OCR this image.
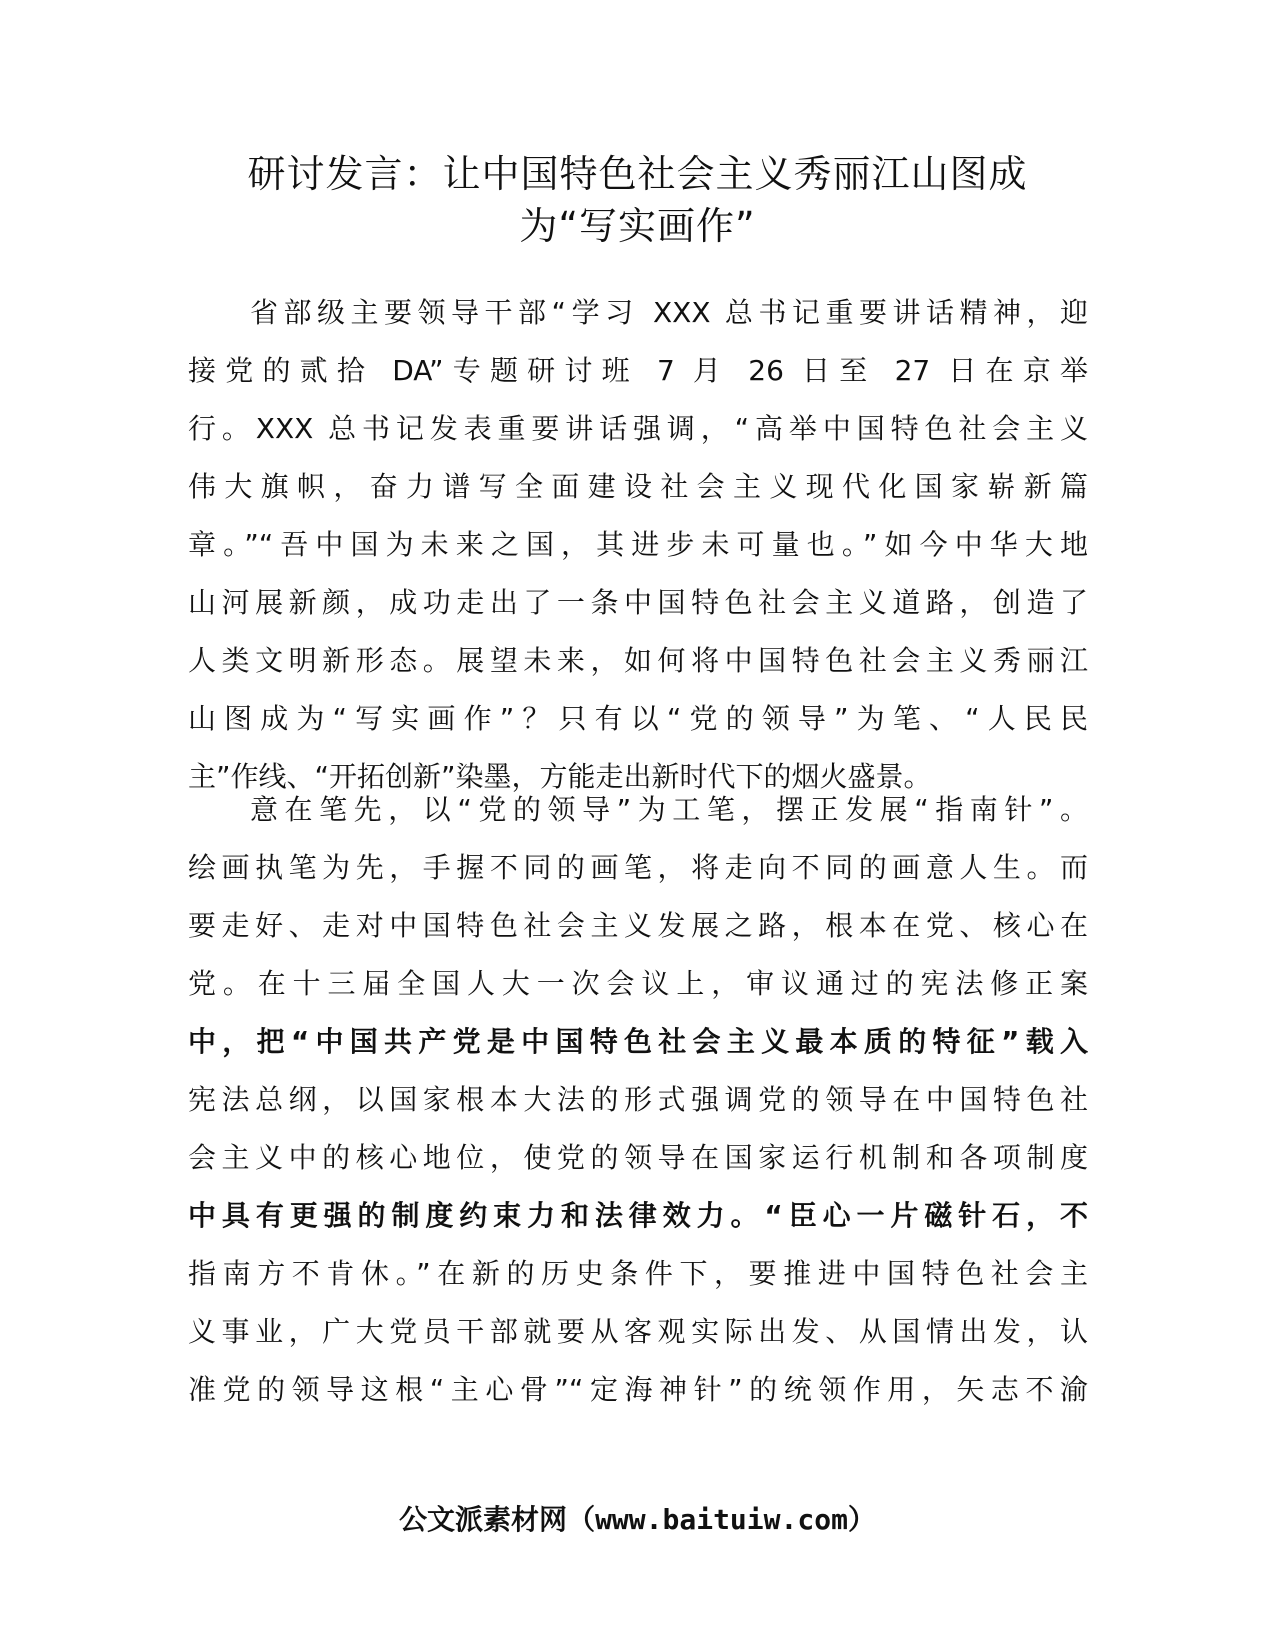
研讨发言：让中国特色社会主义秀丽江山图成
为“写实画作”
省部级主要领导干部“学习 XXX 总书记重要讲话精神，迎
接党的贰拾 DA”专题研讨班 7 月 26 日至 27 日在京举
行。XXX 总书记发表重要讲话强调，“高举中国特色社会主义
伟大旗帜，奋力谱写全面建设社会主义现代化国家崭新篇
章。”“吾中国为未来之国，其进步未可量也。”如今中华大地
山河展新颜，成功走出了一条中国特色社会主义道路，创造了
人类文明新形态。展望未来，如何将中国特色社会主义秀丽江
山图成为“写实画作”？只有以“党的领导”为笔、“人民民
主”作线、“开拓创新”染墨，方能走出新时代下的烟火盛景。
意在笔先，以“党的领导”为工笔，摆正发展“指南针”。
绘画执笔为先，手握不同的画笔，将走向不同的画意人生。而
要走好、走对中国特色社会主义发展之路，根本在党、核心在
党。在十三届全国人大一次会议上，审议通过的宪法修正案
中，把“中国共产党是中国特色社会主义最本质的特征”载入
宪法总纲，以国家根本大法的形式强调党的领导在中国特色社
会主义中的核心地位，使党的领导在国家运行机制和各项制度
中具有更强的制度约束力和法律效力。“臣心一片磁针石，不
指南方不肯休。”在新的历史条件下，要推进中国特色社会主
义事业，广大党员干部就要从客观实际出发、从国情出发，认
准党的领导这根“主心骨”“定海神针”的统领作用，矢志不渝
公文派素材网（www.baituiw.com）
